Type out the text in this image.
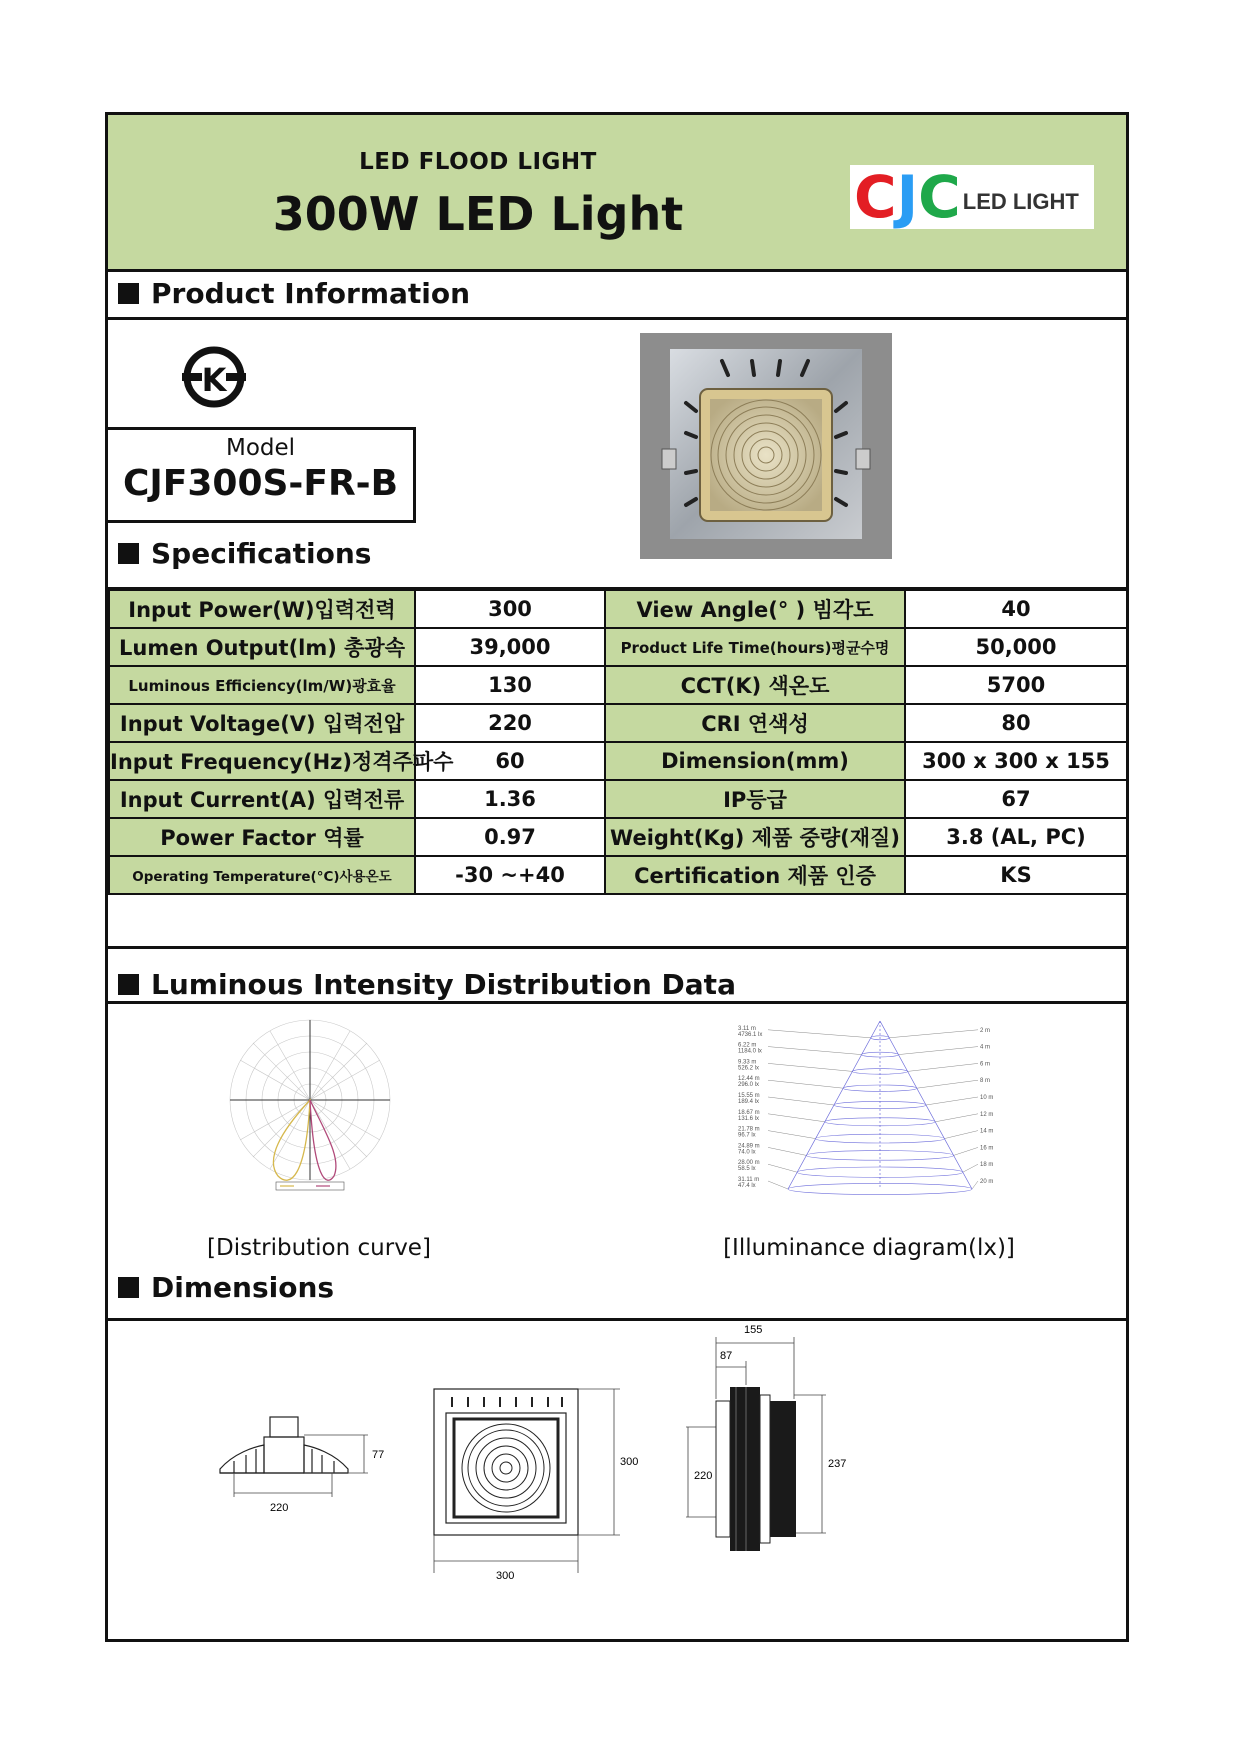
LED FLOOD LIGHT
300W LED Light	C J C LED LIGHT
Product Information
K
Model
CJF300S-FR-B
Specifications
Input Power(W)입력전력	300	View Angle(° ) 빔각도	40
Lumen Output(lm) 총광속	39,000	Product Life Time(hours)평균수명	50,000
Luminous Efficiency(lm/W)광효율	130	CCT(K) 색온도	5700
Input Voltage(V) 입력전압	220	CRI 연색성	80
Input Frequency(Hz)정격주파수	60	Dimension(mm)	300 x 300 x 155
Input Current(A) 입력전류	1.36	IP등급	67
Power Factor 역률	0.97	Weight(Kg) 제품 중량(재질)	3.8 (AL, PC)
Operating Temperature(°C)사용온도	-30 ~+40	Certification 제품 인증	KS
Luminous Intensity Distribution Data
[Distribution curve]
3.11 m
4736.1 lx
2 m
6.22 m
1184.0 lx
4 m
9.33 m
526.2 lx
6 m
12.44 m
296.0 lx
8 m
15.55 m
189.4 lx
10 m
18.67 m
131.6 lx
12 m
21.78 m
96.7 lx
14 m
24.89 m
74.0 lx
16 m
28.00 m
58.5 lx
18 m
31.11 m
47.4 lx
20 m
[Illuminance diagram(lx)]
Dimensions
77
220
300
300
155
87
220
237
